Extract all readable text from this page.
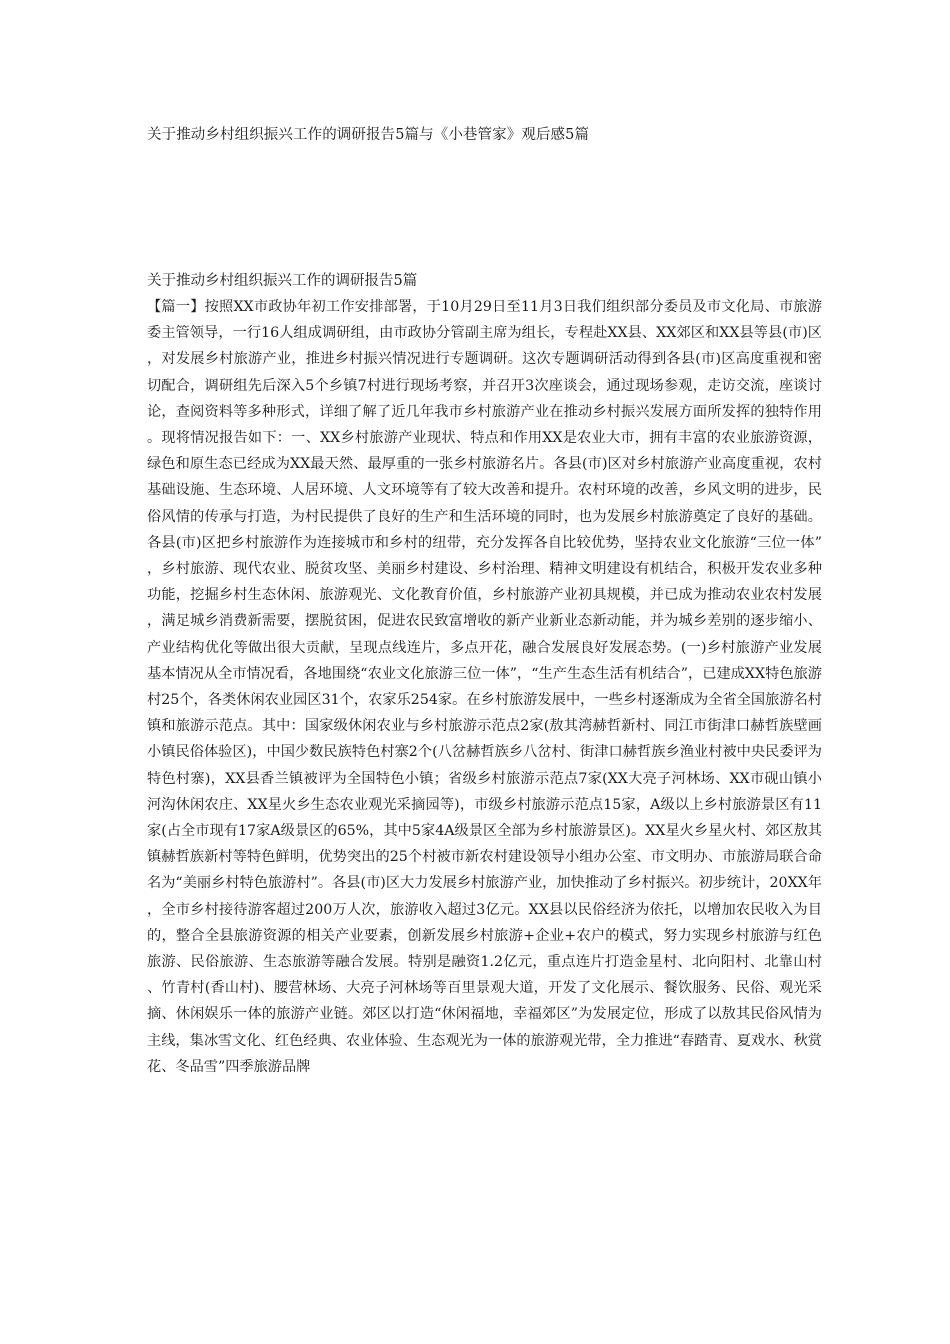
关于推动乡村组织振兴工作的调研报告5篇与《小巷管家》观后感5篇
关于推动乡村组织振兴工作的调研报告5篇
【篇一】按照XX市政协年初工作安排部署，于10月29日至11月3日我们组织部分委员及市文化局、市旅游委主管领导，一行16人组成调研组，由市政协分管副主席为组长，专程赴XX县、XX郊区和XX县等县(市)区，对发展乡村旅游产业，推进乡村振兴情况进行专题调研。这次专题调研活动得到各县(市)区高度重视和密切配合，调研组先后深入5个乡镇7村进行现场考察，并召开3次座谈会，通过现场参观，走访交流，座谈讨论，查阅资料等多种形式，详细了解了近几年我市乡村旅游产业在推动乡村振兴发展方面所发挥的独特作用。现将情况报告如下：一、XX乡村旅游产业现状、特点和作用XX是农业大市，拥有丰富的农业旅游资源，绿色和原生态已经成为XX最天然、最厚重的一张乡村旅游名片。各县(市)区对乡村旅游产业高度重视，农村基础设施、生态环境、人居环境、人文环境等有了较大改善和提升。农村环境的改善，乡风文明的进步，民俗风情的传承与打造，为村民提供了良好的生产和生活环境的同时，也为发展乡村旅游奠定了良好的基础。各县(市)区把乡村旅游作为连接城市和乡村的纽带，充分发挥各自比较优势，坚持农业文化旅游“三位一体”，乡村旅游、现代农业、脱贫攻坚、美丽乡村建设、乡村治理、精神文明建设有机结合，积极开发农业多种功能，挖掘乡村生态休闲、旅游观光、文化教育价值，乡村旅游产业初具规模，并已成为推动农业农村发展，满足城乡消费新需要，摆脱贫困，促进农民致富增收的新产业新业态新动能，并为城乡差别的逐步缩小、产业结构优化等做出很大贡献，呈现点线连片，多点开花，融合发展良好发展态势。(一)乡村旅游产业发展基本情况从全市情况看，各地围绕“农业文化旅游三位一体”，“生产生态生活有机结合”，已建成XX特色旅游村25个，各类休闲农业园区31个，农家乐254家。在乡村旅游发展中，一些乡村逐渐成为全省全国旅游名村镇和旅游示范点。其中：国家级休闲农业与乡村旅游示范点2家(敖其湾赫哲新村、同江市街津口赫哲族壁画小镇民俗体验区)，中国少数民族特色村寨2个(八岔赫哲族乡八岔村、街津口赫哲族乡渔业村被中央民委评为特色村寨)，XX县香兰镇被评为全国特色小镇；省级乡村旅游示范点7家(XX大亮子河林场、XX市砚山镇小河沟休闲农庄、XX星火乡生态农业观光采摘园等)，市级乡村旅游示范点15家，A级以上乡村旅游景区有11家(占全市现有17家A级景区的65%，其中5家4A级景区全部为乡村旅游景区)。XX星火乡星火村、郊区敖其镇赫哲族新村等特色鲜明，优势突出的25个村被市新农村建设领导小组办公室、市文明办、市旅游局联合命名为“美丽乡村特色旅游村”。各县(市)区大力发展乡村旅游产业，加快推动了乡村振兴。初步统计，20XX年，全市乡村接待游客超过200万人次，旅游收入超过3亿元。XX县以民俗经济为依托，以增加农民收入为目的，整合全县旅游资源的相关产业要素，创新发展乡村旅游+企业+农户的模式，努力实现乡村旅游与红色旅游、民俗旅游、生态旅游等融合发展。特别是融资1.2亿元，重点连片打造金星村、北向阳村、北靠山村、竹青村(香山村)、腰营林场、大亮子河林场等百里景观大道，开发了文化展示、餐饮服务、民俗、观光采摘、休闲娱乐一体的旅游产业链。郊区以打造“休闲福地，幸福郊区”为发展定位，形成了以敖其民俗风情为主线，集冰雪文化、红色经典、农业体验、生态观光为一体的旅游观光带，全力推进“春踏青、夏戏水、秋赏花、冬品雪”四季旅游品牌
